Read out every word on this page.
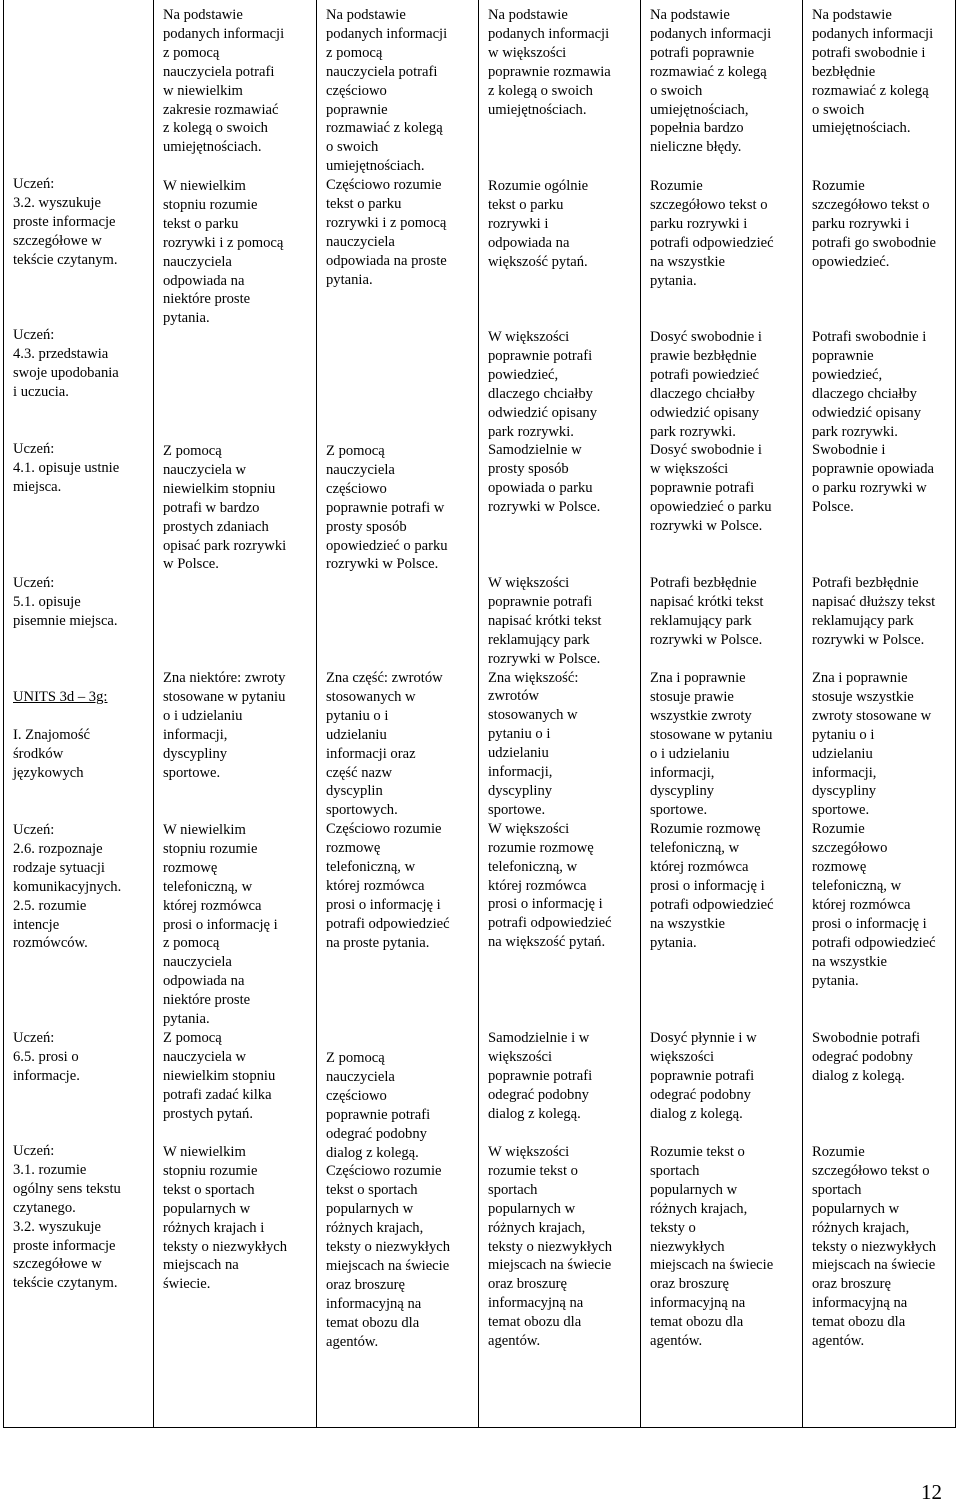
Uczeń:
3.2. wyszukuje
proste informacje
szczegółowe w
tekście czytanym.

Uczeń:
4.3. przedstawia
swoje upodobania
i uczucia.

Uczeń:
4.1. opisuje ustnie
miejsca.

Uczeń:
5.1. opisuje
pisemnie miejsca.

UNITS 3d – 3g:

I. Znajomość
środków
językowych

Uczeń:
2.6. rozpoznaje
rodzaje sytuacji
komunikacyjnych.
2.5. rozumie
intencje
rozmówców.

Uczeń:
6.5. prosi o
informacje.

Uczeń:
3.1. rozumie
ogólny sens tekstu
czytanego.
3.2. wyszukuje
proste informacje
szczegółowe w
tekście czytanym.

Na podstawie
podanych informacji
z pomocą
nauczyciela potrafi
w niewielkim
zakresie rozmawiać
z kolegą o swoich
umiejętnościach.

W niewielkim
stopniu rozumie
tekst o parku
rozrywki i z pomocą
nauczyciela
odpowiada na
niektóre proste
pytania.

Z pomocą
nauczyciela w
niewielkim stopniu
potrafi w bardzo
prostych zdaniach
opisać park rozrywki
w Polsce.

Zna niektóre: zwroty
stosowane w pytaniu
o i udzielaniu
informacji,
dyscypliny
sportowe.

W niewielkim
stopniu rozumie
rozmowę
telefoniczną, w
której rozmówca
prosi o informację i
z pomocą
nauczyciela
odpowiada na
niektóre proste
pytania.
Z pomocą
nauczyciela w
niewielkim stopniu
potrafi zadać kilka
prostych pytań.

W niewielkim
stopniu rozumie
tekst o sportach
popularnych w
różnych krajach i
teksty o niezwykłych
miejscach na
świecie.

Na podstawie
podanych informacji
z pomocą
nauczyciela potrafi
częściowo
poprawnie
rozmawiać z kolegą
o swoich
umiejętnościach.
Częściowo rozumie
tekst o parku
rozrywki i z pomocą
nauczyciela
odpowiada na proste
pytania.

Z pomocą
nauczyciela
częściowo
poprawnie potrafi w
prosty sposób
opowiedzieć o parku
rozrywki w Polsce.

Zna część: zwrotów
stosowanych w
pytaniu o i
udzielaniu
informacji oraz
część nazw
dyscyplin
sportowych.
Częściowo rozumie
rozmowę
telefoniczną, w
której rozmówca
prosi o informację i
potrafi odpowiedzieć
na proste pytania.

Z pomocą
nauczyciela
częściowo
poprawnie potrafi
odegrać podobny
dialog z kolegą.
Częściowo rozumie
tekst o sportach
popularnych w
różnych krajach,
teksty o niezwykłych
miejscach na świecie
oraz broszurę
informacyjną na
temat obozu dla
agentów.

Na podstawie
podanych informacji
w większości
poprawnie rozmawia
z kolegą o swoich
umiejętnościach.

Rozumie ogólnie
tekst o parku
rozrywki i
odpowiada na
większość pytań.

W większości
poprawnie potrafi
powiedzieć,
dlaczego chciałby
odwiedzić opisany
park rozrywki.
Samodzielnie w
prosty sposób
opowiada o parku
rozrywki w Polsce.

W większości
poprawnie potrafi
napisać krótki tekst
reklamujący park
rozrywki w Polsce.
Zna większość:
zwrotów
stosowanych w
pytaniu o i
udzielaniu
informacji,
dyscypliny
sportowe.
W większości
rozumie rozmowę
telefoniczną, w
której rozmówca
prosi o informację i
potrafi odpowiedzieć
na większość pytań.

Samodzielnie i w
większości
poprawnie potrafi
odegrać podobny
dialog z kolegą.

W większości
rozumie tekst o
sportach
popularnych w
różnych krajach,
teksty o niezwykłych
miejscach na świecie
oraz broszurę
informacyjną na
temat obozu dla
agentów.

Na podstawie
podanych informacji
potrafi poprawnie
rozmawiać z kolegą
o swoich
umiejętnościach,
popełnia bardzo
nieliczne błędy.

Rozumie
szczegółowo tekst o
parku rozrywki i
potrafi odpowiedzieć
na wszystkie
pytania.

Dosyć swobodnie i
prawie bezbłędnie
potrafi powiedzieć
dlaczego chciałby
odwiedzić opisany
park rozrywki.
Dosyć swobodnie i
w większości
poprawnie potrafi
opowiedzieć o parku
rozrywki w Polsce.

Potrafi bezbłędnie
napisać krótki tekst
reklamujący park
rozrywki w Polsce.

Zna i poprawnie
stosuje prawie
wszystkie zwroty
stosowane w pytaniu
o i udzielaniu
informacji,
dyscypliny
sportowe.
Rozumie rozmowę
telefoniczną, w
której rozmówca
prosi o informację i
potrafi odpowiedzieć
na wszystkie
pytania.

Dosyć płynnie i w
większości
poprawnie potrafi
odegrać podobny
dialog z kolegą.

Rozumie tekst o
sportach
popularnych w
różnych krajach,
teksty o
niezwykłych
miejscach na świecie
oraz broszurę
informacyjną na
temat obozu dla
agentów.

Na podstawie
podanych informacji
potrafi swobodnie i
bezbłędnie
rozmawiać z kolegą
o swoich
umiejętnościach.

Rozumie
szczegółowo tekst o
parku rozrywki i
potrafi go swobodnie
opowiedzieć.

Potrafi swobodnie i
poprawnie
powiedzieć,
dlaczego chciałby
odwiedzić opisany
park rozrywki.
Swobodnie i
poprawnie opowiada
o parku rozrywki w
Polsce.

Potrafi bezbłędnie
napisać dłuższy tekst
reklamujący park
rozrywki w Polsce.

Zna i poprawnie
stosuje wszystkie
zwroty stosowane w
pytaniu o i
udzielaniu
informacji,
dyscypliny
sportowe.
Rozumie
szczegółowo
rozmowę
telefoniczną, w
której rozmówca
prosi o informację i
potrafi odpowiedzieć
na wszystkie
pytania.

Swobodnie potrafi
odegrać podobny
dialog z kolegą.

Rozumie
szczegółowo tekst o
sportach
popularnych w
różnych krajach,
teksty o niezwykłych
miejscach na świecie
oraz broszurę
informacyjną na
temat obozu dla
agentów.

12
